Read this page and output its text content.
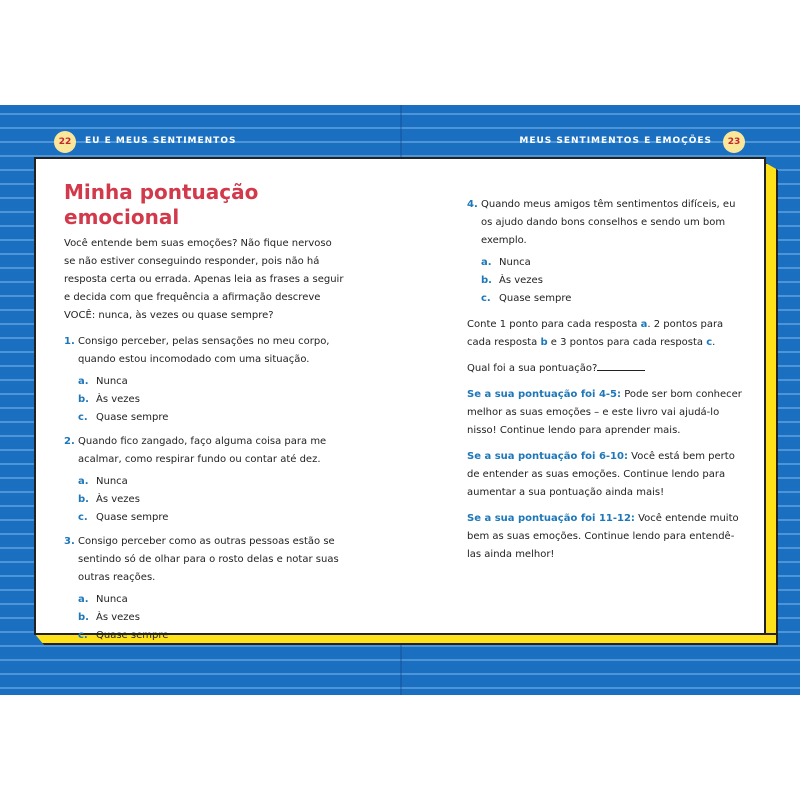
22	EU E MEUS SENTIMENTOS	MEUS SENTIMENTOS E EMOÇÕES	23
Minha pontuação
emocional

Você entende bem suas emoções? Não fique nervoso se não estiver conseguindo responder, pois não há resposta certa ou errada. Apenas leia as frases a seguir e decida com que frequência a afirmação descreve VOCÊ: nunca, às vezes ou quase sempre?

1. Consigo perceber, pelas sensações no meu corpo, quando estou incomodado com uma situação.
a. Nunca
b. Às vezes
c. Quase sempre
2. Quando fico zangado, faço alguma coisa para me acalmar, como respirar fundo ou contar até dez.
a. Nunca
b. Às vezes
c. Quase sempre
3. Consigo perceber como as outras pessoas estão se sentindo só de olhar para o rosto delas e notar suas outras reações.
a. Nunca
b. Às vezes
c. Quase sempre
4. Quando meus amigos têm sentimentos difíceis, eu os ajudo dando bons conselhos e sendo um bom exemplo.
a. Nunca
b. Às vezes
c. Quase sempre

Conte 1 ponto para cada resposta a. 2 pontos para cada resposta b e 3 pontos para cada resposta c.

Qual foi a sua pontuação?

Se a sua pontuação foi 4-5: Pode ser bom conhecer melhor as suas emoções – e este livro vai ajudá-lo nisso! Continue lendo para aprender mais.

Se a sua pontuação foi 6-10: Você está bem perto de entender as suas emoções. Continue lendo para aumentar a sua pontuação ainda mais!

Se a sua pontuação foi 11-12: Você entende muito bem as suas emoções. Continue lendo para entendê-las ainda melhor!
